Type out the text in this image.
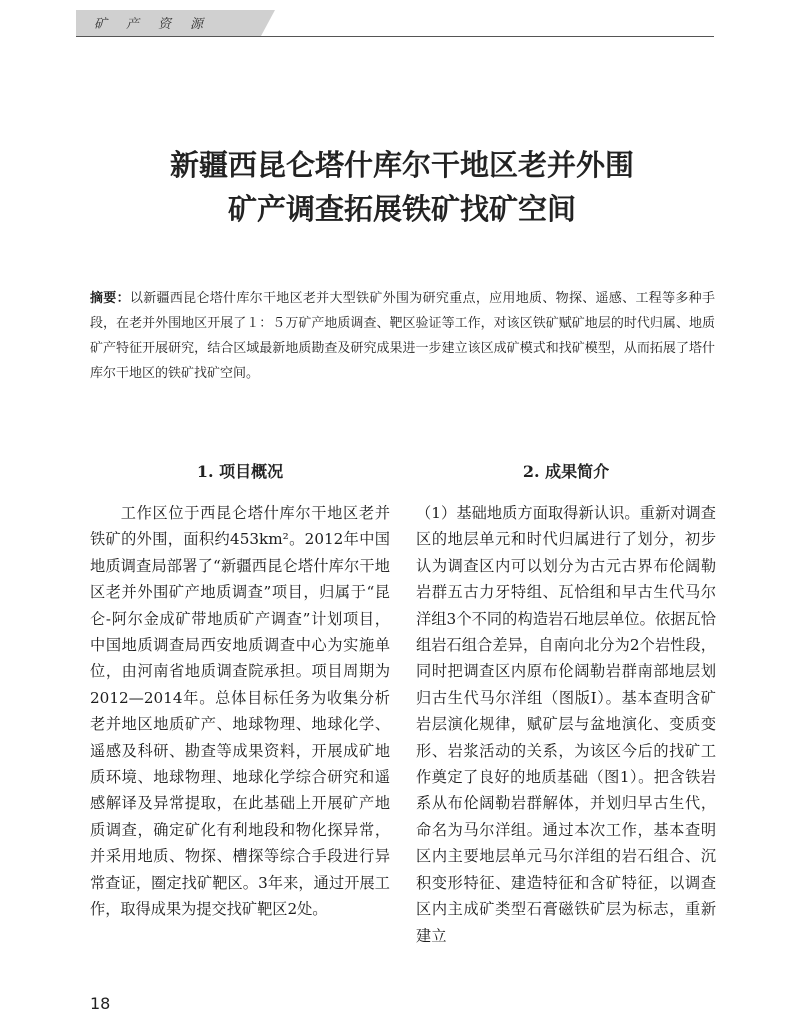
矿产资源
新疆西昆仑塔什库尔干地区老并外围
矿产调查拓展铁矿找矿空间

摘要：以新疆西昆仑塔什库尔干地区老并大型铁矿外围为研究重点，应用地质、物探、遥感、工程等多种手段，在老并外围地区开展了１：５万矿产地质调查、靶区验证等工作，对该区铁矿赋矿地层的时代归属、地质矿产特征开展研究，结合区域最新地质勘查及研究成果进一步建立该区成矿模式和找矿模型，从而拓展了塔什库尔干地区的铁矿找矿空间。

1. 项目概况	2. 成果简介

工作区位于西昆仑塔什库尔干地区老并铁矿的外围，面积约453km²。2012年中国地质调查局部署了“新疆西昆仑塔什库尔干地区老并外围矿产地质调查”项目，归属于“昆仑-阿尔金成矿带地质矿产调查”计划项目，中国地质调查局西安地质调查中心为实施单位，由河南省地质调查院承担。项目周期为2012—2014年。总体目标任务为收集分析老并地区地质矿产、地球物理、地球化学、遥感及科研、勘查等成果资料，开展成矿地质环境、地球物理、地球化学综合研究和遥感解译及异常提取，在此基础上开展矿产地质调查，确定矿化有利地段和物化探异常，并采用地质、物探、槽探等综合手段进行异常查证，圈定找矿靶区。3年来，通过开展工作，取得成果为提交找矿靶区2处。

（1）基础地质方面取得新认识。重新对调查区的地层单元和时代归属进行了划分，初步认为调查区内可以划分为古元古界布伦阔勒岩群五古力牙特组、瓦恰组和早古生代马尔洋组3个不同的构造岩石地层单位。依据瓦恰组岩石组合差异，自南向北分为2个岩性段，同时把调查区内原布伦阔勒岩群南部地层划归古生代马尔洋组（图版Ⅰ）。基本查明含矿岩层演化规律，赋矿层与盆地演化、变质变形、岩浆活动的关系，为该区今后的找矿工作奠定了良好的地质基础（图1）。把含铁岩系从布伦阔勒岩群解体，并划归早古生代，命名为马尔洋组。通过本次工作，基本查明区内主要地层单元马尔洋组的岩石组合、沉积变形特征、建造特征和含矿特征，以调查区内主成矿类型石膏磁铁矿层为标志，重新建立

18
